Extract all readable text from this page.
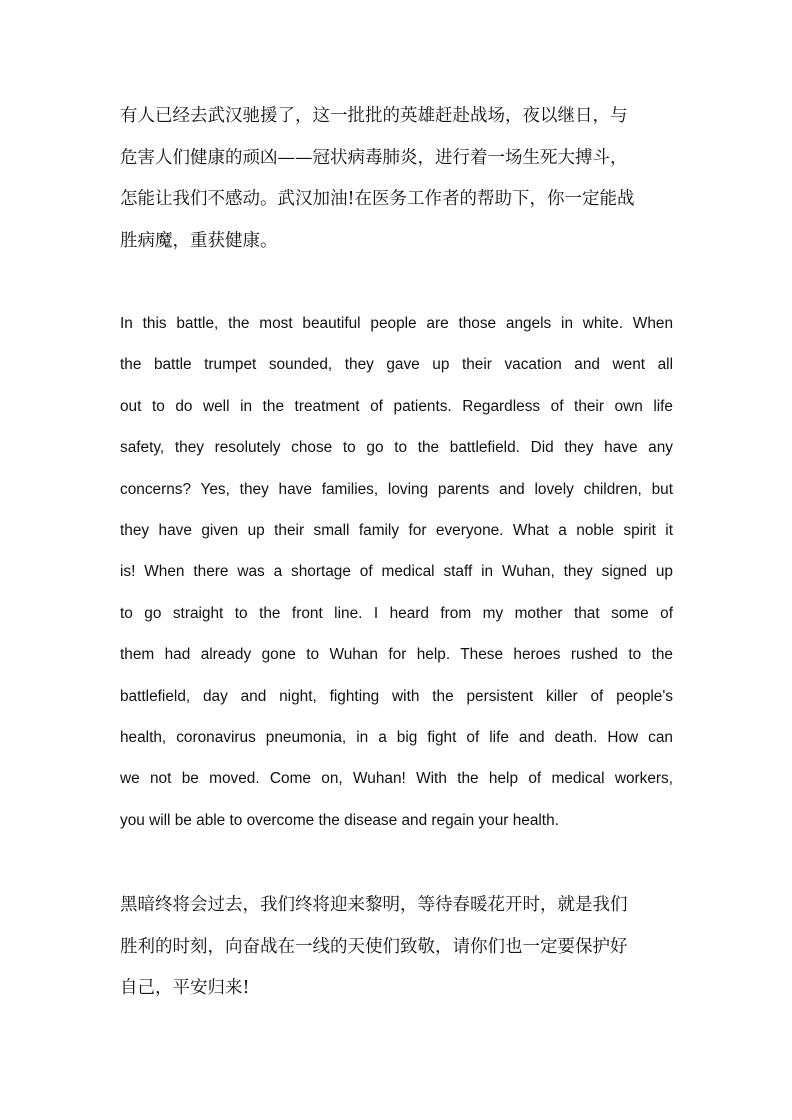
有人已经去武汉驰援了，这一批批的英雄赶赴战场，夜以继日，与
危害人们健康的顽凶——冠状病毒肺炎，进行着一场生死大搏斗，
怎能让我们不感动。武汉加油!在医务工作者的帮助下，你一定能战
胜病魔，重获健康。
In this battle, the most beautiful people are those angels in white. When
the battle trumpet sounded, they gave up their vacation and went all
out to do well in the treatment of patients. Regardless of their own life
safety, they resolutely chose to go to the battlefield. Did they have any
concerns? Yes, they have families, loving parents and lovely children, but
they have given up their small family for everyone. What a noble spirit it
is! When there was a shortage of medical staff in Wuhan, they signed up
to go straight to the front line. I heard from my mother that some of
them had already gone to Wuhan for help. These heroes rushed to the
battlefield, day and night, fighting with the persistent killer of people's
health, coronavirus pneumonia, in a big fight of life and death. How can
we not be moved. Come on, Wuhan! With the help of medical workers,
you will be able to overcome the disease and regain your health.
黑暗终将会过去，我们终将迎来黎明，等待春暖花开时，就是我们
胜利的时刻，向奋战在一线的天使们致敬，请你们也一定要保护好
自己，平安归来!
